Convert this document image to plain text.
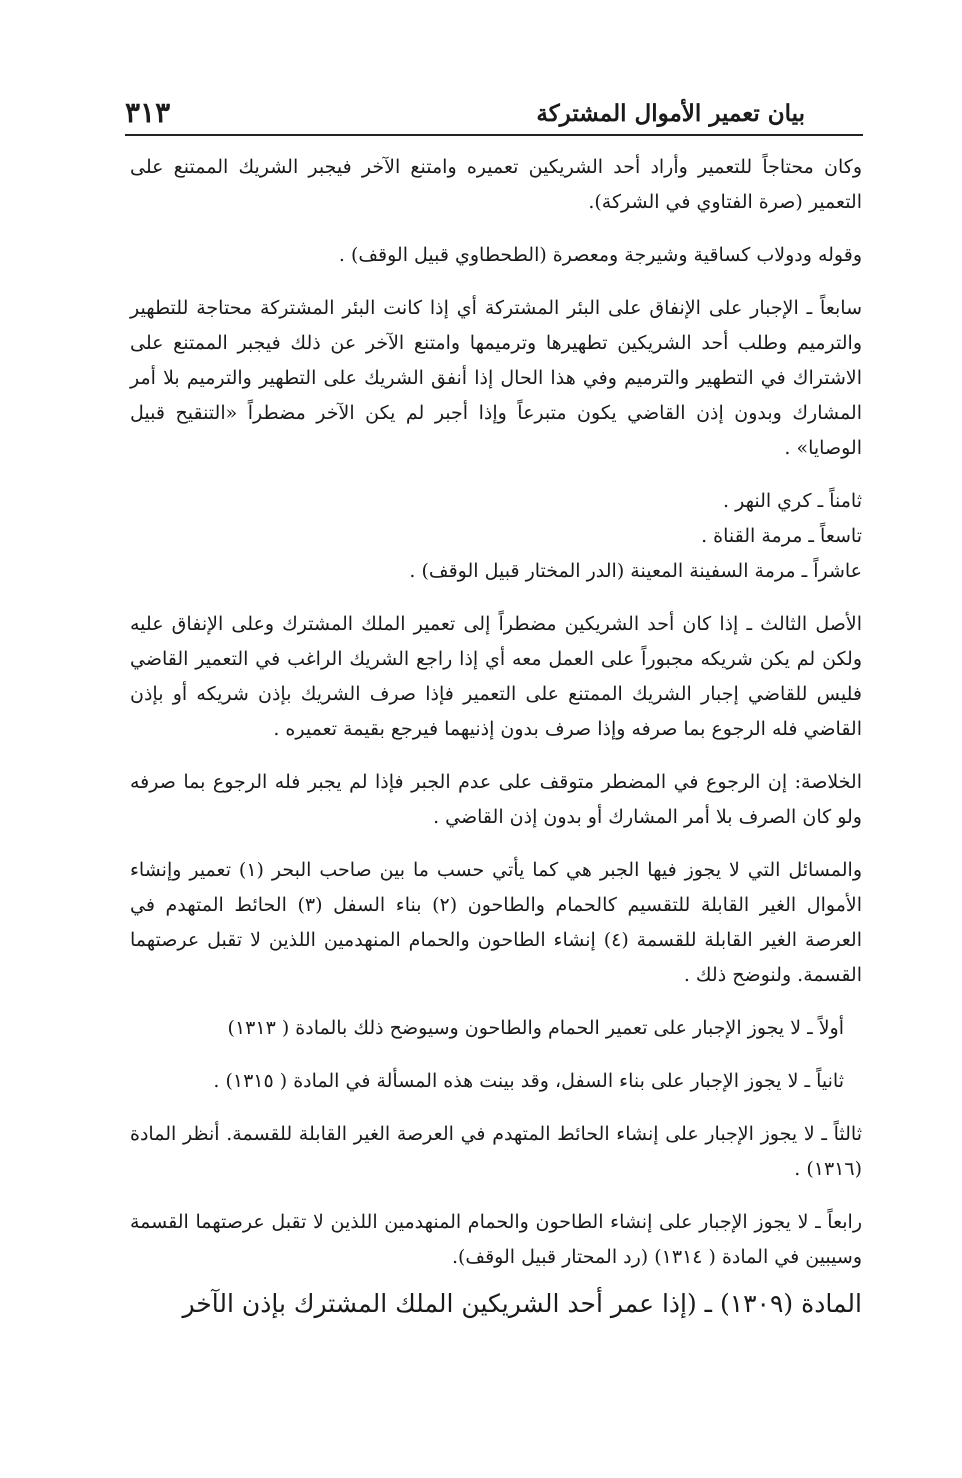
بيان تعمير الأموال المشتركة
٣١٣

وكان محتاجاً للتعمير وأراد أحد الشريكين تعميره وامتنع الآخر فيجبر الشريك الممتنع على التعمير (صرة الفتاوي في الشركة).

وقوله ودولاب كساقية وشيرجة ومعصرة (الطحطاوي قبيل الوقف) .

سابعاً ـ الإجبار على الإنفاق على البئر المشتركة أي إذا كانت البئر المشتركة محتاجة للتطهير والترميم وطلب أحد الشريكين تطهيرها وترميمها وامتنع الآخر عن ذلك فيجبر الممتنع على الاشتراك في التطهير والترميم وفي هذا الحال إذا أنفق الشريك على التطهير والترميم بلا أمر المشارك وبدون إذن القاضي يكون متبرعاً وإذا أجبر لم يكن الآخر مضطراً «التنقيح قبيل الوصايا» .

ثامناً ـ كري النهر .

تاسعاً ـ مرمة القناة .

عاشراً ـ مرمة السفينة المعينة (الدر المختار قبيل الوقف) .

الأصل الثالث ـ إذا كان أحد الشريكين مضطراً إلى تعمير الملك المشترك وعلى الإنفاق عليه ولكن لم يكن شريكه مجبوراً على العمل معه أي إذا راجع الشريك الراغب في التعمير القاضي فليس للقاضي إجبار الشريك الممتنع على التعمير فإذا صرف الشريك بإذن شريكه أو بإذن القاضي فله الرجوع بما صرفه وإذا صرف بدون إذنيهما فيرجع بقيمة تعميره .

الخلاصة: إن الرجوع في المضطر متوقف على عدم الجبر فإذا لم يجبر فله الرجوع بما صرفه ولو كان الصرف بلا أمر المشارك أو بدون إذن القاضي .

والمسائل التي لا يجوز فيها الجبر هي كما يأتي حسب ما بين صاحب البحر (١) تعمير وإنشاء الأموال الغير القابلة للتقسيم كالحمام والطاحون (٢) بناء السفل (٣) الحائط المتهدم في العرصة الغير القابلة للقسمة (٤) إنشاء الطاحون والحمام المنهدمين اللذين لا تقبل عرصتهما القسمة. ولنوضح ذلك .

أولاً ـ لا يجوز الإجبار على تعمير الحمام والطاحون وسيوضح ذلك بالمادة ( ١٣١٣)

ثانياً ـ لا يجوز الإجبار على بناء السفل، وقد بينت هذه المسألة في المادة ( ١٣١٥) .

ثالثاً ـ لا يجوز الإجبار على إنشاء الحائط المتهدم في العرصة الغير القابلة للقسمة. أنظر المادة (١٣١٦) .

رابعاً ـ لا يجوز الإجبار على إنشاء الطاحون والحمام المنهدمين اللذين لا تقبل عرصتهما القسمة وسيبين في المادة ( ١٣١٤) (رد المحتار قبيل الوقف).

المادة (١٣٠٩) ـ (إذا عمر أحد الشريكين الملك المشترك بإذن الآخر
